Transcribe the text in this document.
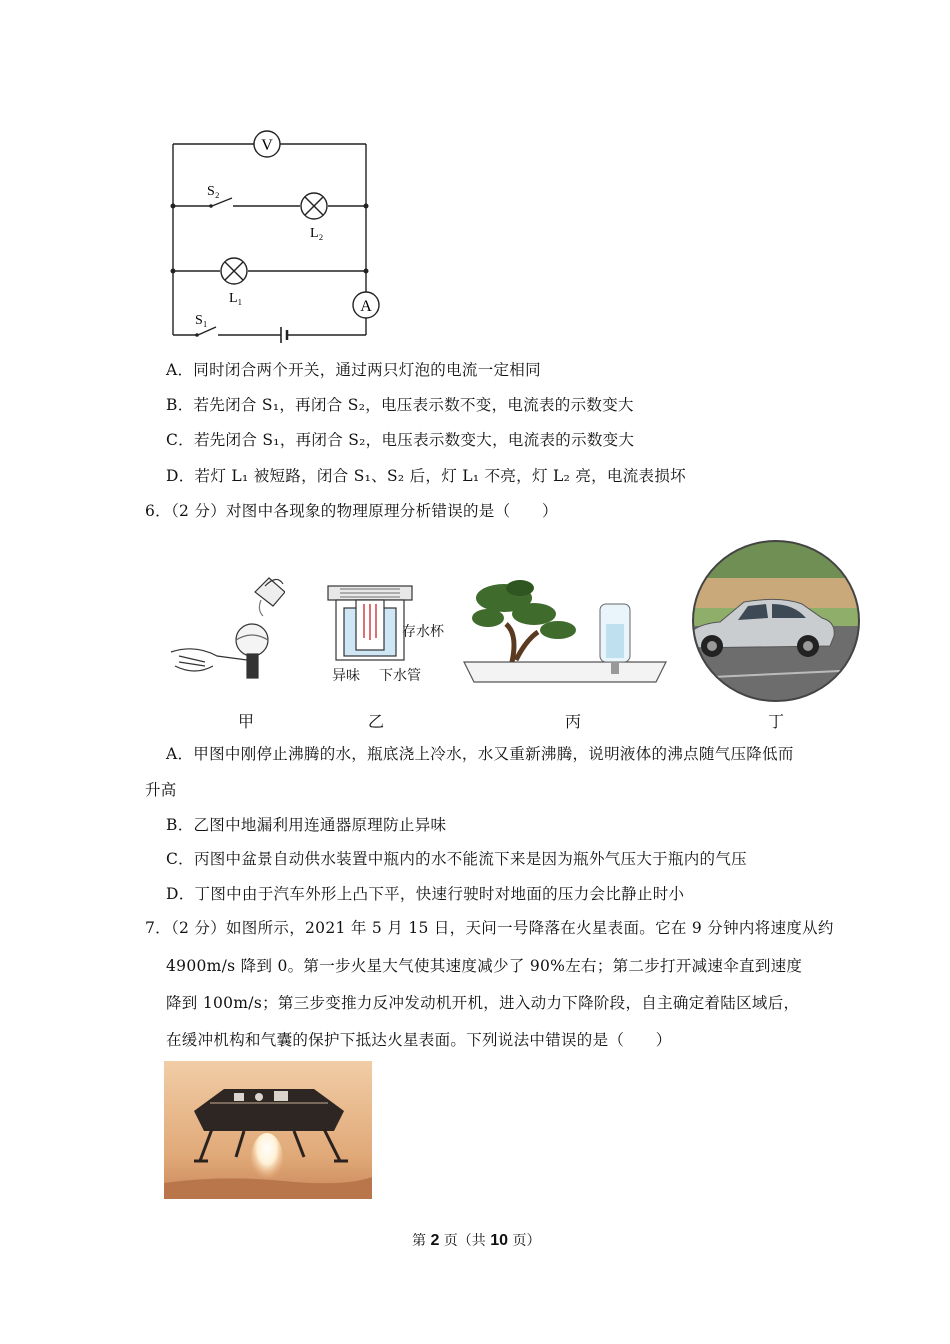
V
A
S₂
L₂
L₁
S₁
A．同时闭合两个开关，通过两只灯泡的电流一定相同
B．若先闭合 S₁，再闭合 S₂，电压表示数不变，电流表的示数变大
C．若先闭合 S₁，再闭合 S₂，电压表示数变大，电流表的示数变大
D．若灯 L₁ 被短路，闭合 S₁、S₂ 后，灯 L₁ 不亮，灯 L₂ 亮，电流表损坏
6．（2 分）对图中各现象的物理原理分析错误的是（　　）
甲
存水杯
异味 下水管
乙	丙	丁
A．甲图中刚停止沸腾的水，瓶底浇上冷水，水又重新沸腾，说明液体的沸点随气压降低而
升高
B．乙图中地漏利用连通器原理防止异味
C．丙图中盆景自动供水装置中瓶内的水不能流下来是因为瓶外气压大于瓶内的气压
D．丁图中由于汽车外形上凸下平，快速行驶时对地面的压力会比静止时小
7．（2 分）如图所示，2021 年 5 月 15 日，天问一号降落在火星表面。它在 9 分钟内将速度从约
4900m/s 降到 0。第一步火星大气使其速度减少了 90%左右；第二步打开减速伞直到速度
降到 100m/s；第三步变推力反冲发动机开机，进入动力下降阶段，自主确定着陆区域后，
在缓冲机构和气囊的保护下抵达火星表面。下列说法中错误的是（　　）
第 2 页（共 10 页）
